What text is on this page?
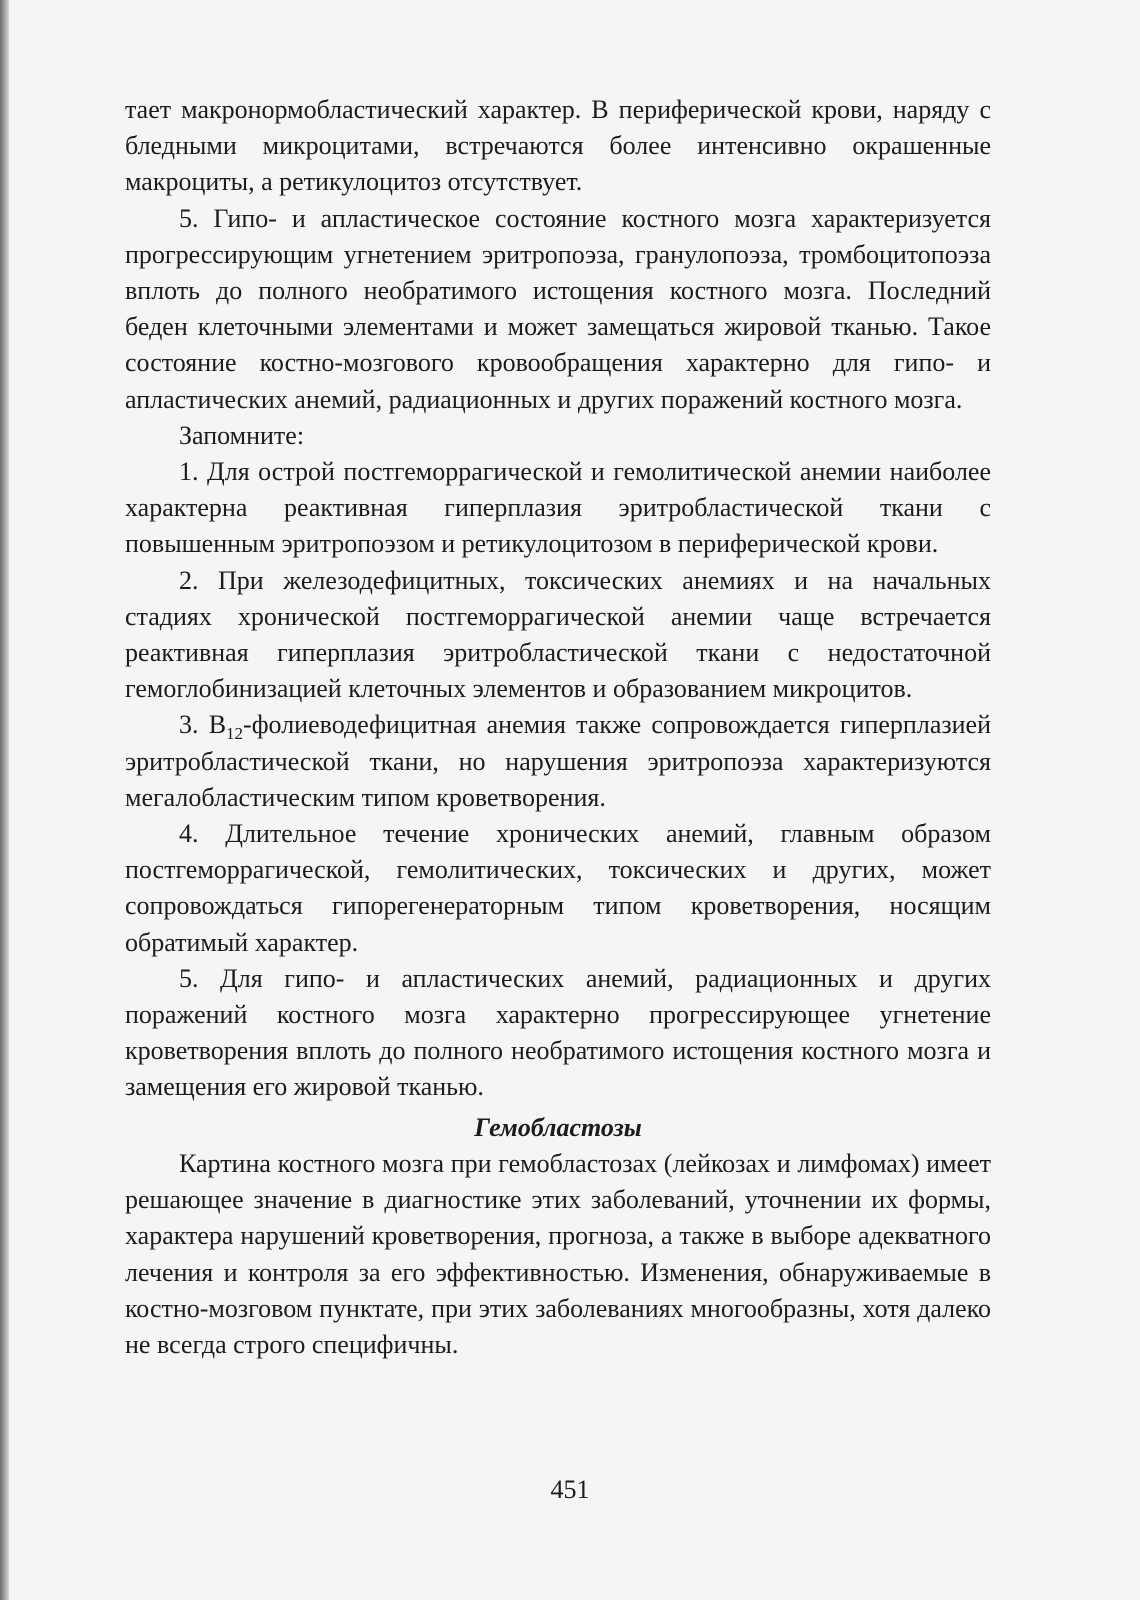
тает макронормобластический характер. В периферической крови, наряду с бледными микроцитами, встречаются более интенсивно окрашенные макроциты, а ретикулоцитоз отсутствует.

5. Гипо- и апластическое состояние костного мозга характеризуется прогрессирующим угнетением эритропоэза, гранулопоэза, тромбоцитопоэза вплоть до полного необратимого истощения костного мозга. Последний беден клеточными элементами и может замещаться жировой тканью. Такое состояние костно-мозгового кровообращения характерно для гипо- и апластических анемий, радиационных и других поражений костного мозга.

Запомните:

1. Для острой постгеморрагической и гемолитической анемии наиболее характерна реактивная гиперплазия эритробластической ткани с повышенным эритропоэзом и ретикулоцитозом в периферической крови.

2. При железодефицитных, токсических анемиях и на начальных стадиях хронической постгеморрагической анемии чаще встречается реактивная гиперплазия эритробластической ткани с недостаточной гемоглобинизацией клеточных элементов и образованием микроцитов.

3. $B_{12}$-фолиеводефицитная анемия также сопровождается гиперплазией эритробластической ткани, но нарушения эритропоэза характеризуются мегалобластическим типом кроветворения.

4. Длительное течение хронических анемий, главным образом постгеморрагической, гемолитических, токсических и других, может сопровождаться гипорегенераторным типом кроветворения, носящим обратимый характер.

5. Для гипо- и апластических анемий, радиационных и других поражений костного мозга характерно прогрессирующее угнетение кроветворения вплоть до полного необратимого истощения костного мозга и замещения его жировой тканью.

Гемобластозы

Картина костного мозга при гемобластозах (лейкозах и лимфомах) имеет решающее значение в диагностике этих заболеваний, уточнении их формы, характера нарушений кроветворения, прогноза, а также в выборе адекватного лечения и контроля за его эффективностью. Изменения, обнаруживаемые в костно-мозговом пунктате, при этих заболеваниях многообразны, хотя далеко не всегда строго специфичны.

451
